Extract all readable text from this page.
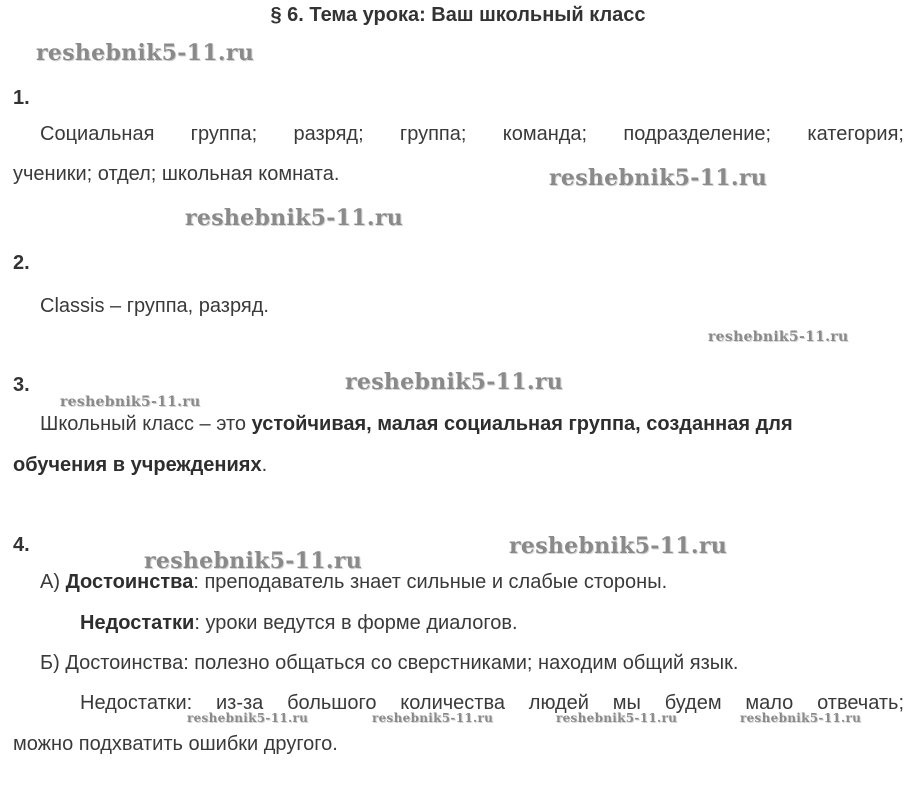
§ 6. Тема урока: Ваш школьный класс
reshebnik5-11.ru
reshebnik5-11.ru
reshebnik5-11.ru
reshebnik5-11.ru
reshebnik5-11.ru
reshebnik5-11.ru
reshebnik5-11.ru
reshebnik5-11.ru
reshebnik5-11.ru	reshebnik5-11.ru	reshebnik5-11.ru	reshebnik5-11.ru
1.
Социальная группа; разряд; группа; команда; подразделение; категория;
ученики; отдел; школьная комната.
2.
Classis – группа, разряд.
3.
Школьный класс – это устойчивая, малая социальная группа, созданная для
обучения в учреждениях.
4.
А) Достоинства: преподаватель знает сильные и слабые стороны.
Недостатки: уроки ведутся в форме диалогов.
Б) Достоинства: полезно общаться со сверстниками; находим общий язык.
Недостатки: из-за большого количества людей мы будем мало отвечать;
можно подхватить ошибки другого.
